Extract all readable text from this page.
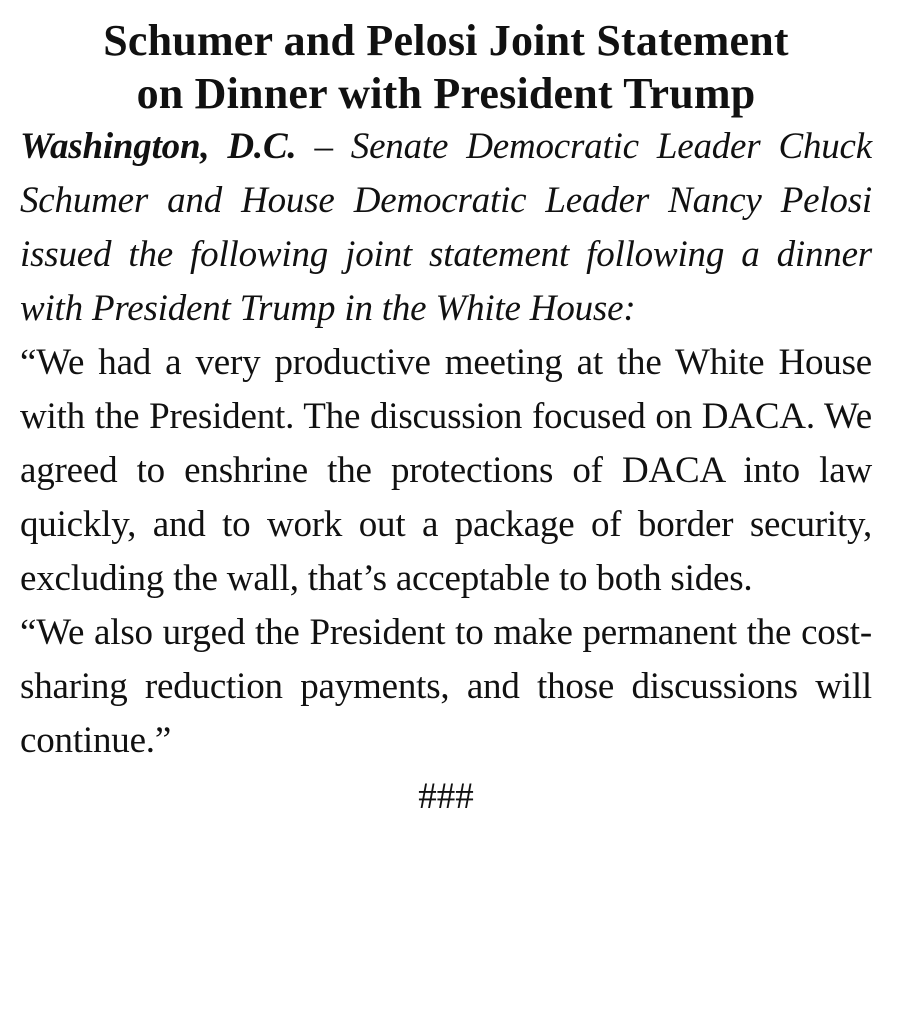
Schumer and Pelosi Joint Statement
on Dinner with President Trump

Washington, D.C. – Senate Democratic Leader Chuck Schumer and House Democratic Leader Nancy Pelosi issued the following joint statement following a dinner with President Trump in the White House:

“We had a very productive meeting at the White House with the President. The discussion focused on DACA. We agreed to enshrine the protections of DACA into law quickly, and to work out a package of border security, excluding the wall, that’s acceptable to both sides.

“We also urged the President to make permanent the cost-sharing reduction payments, and those discussions will continue.”

###
